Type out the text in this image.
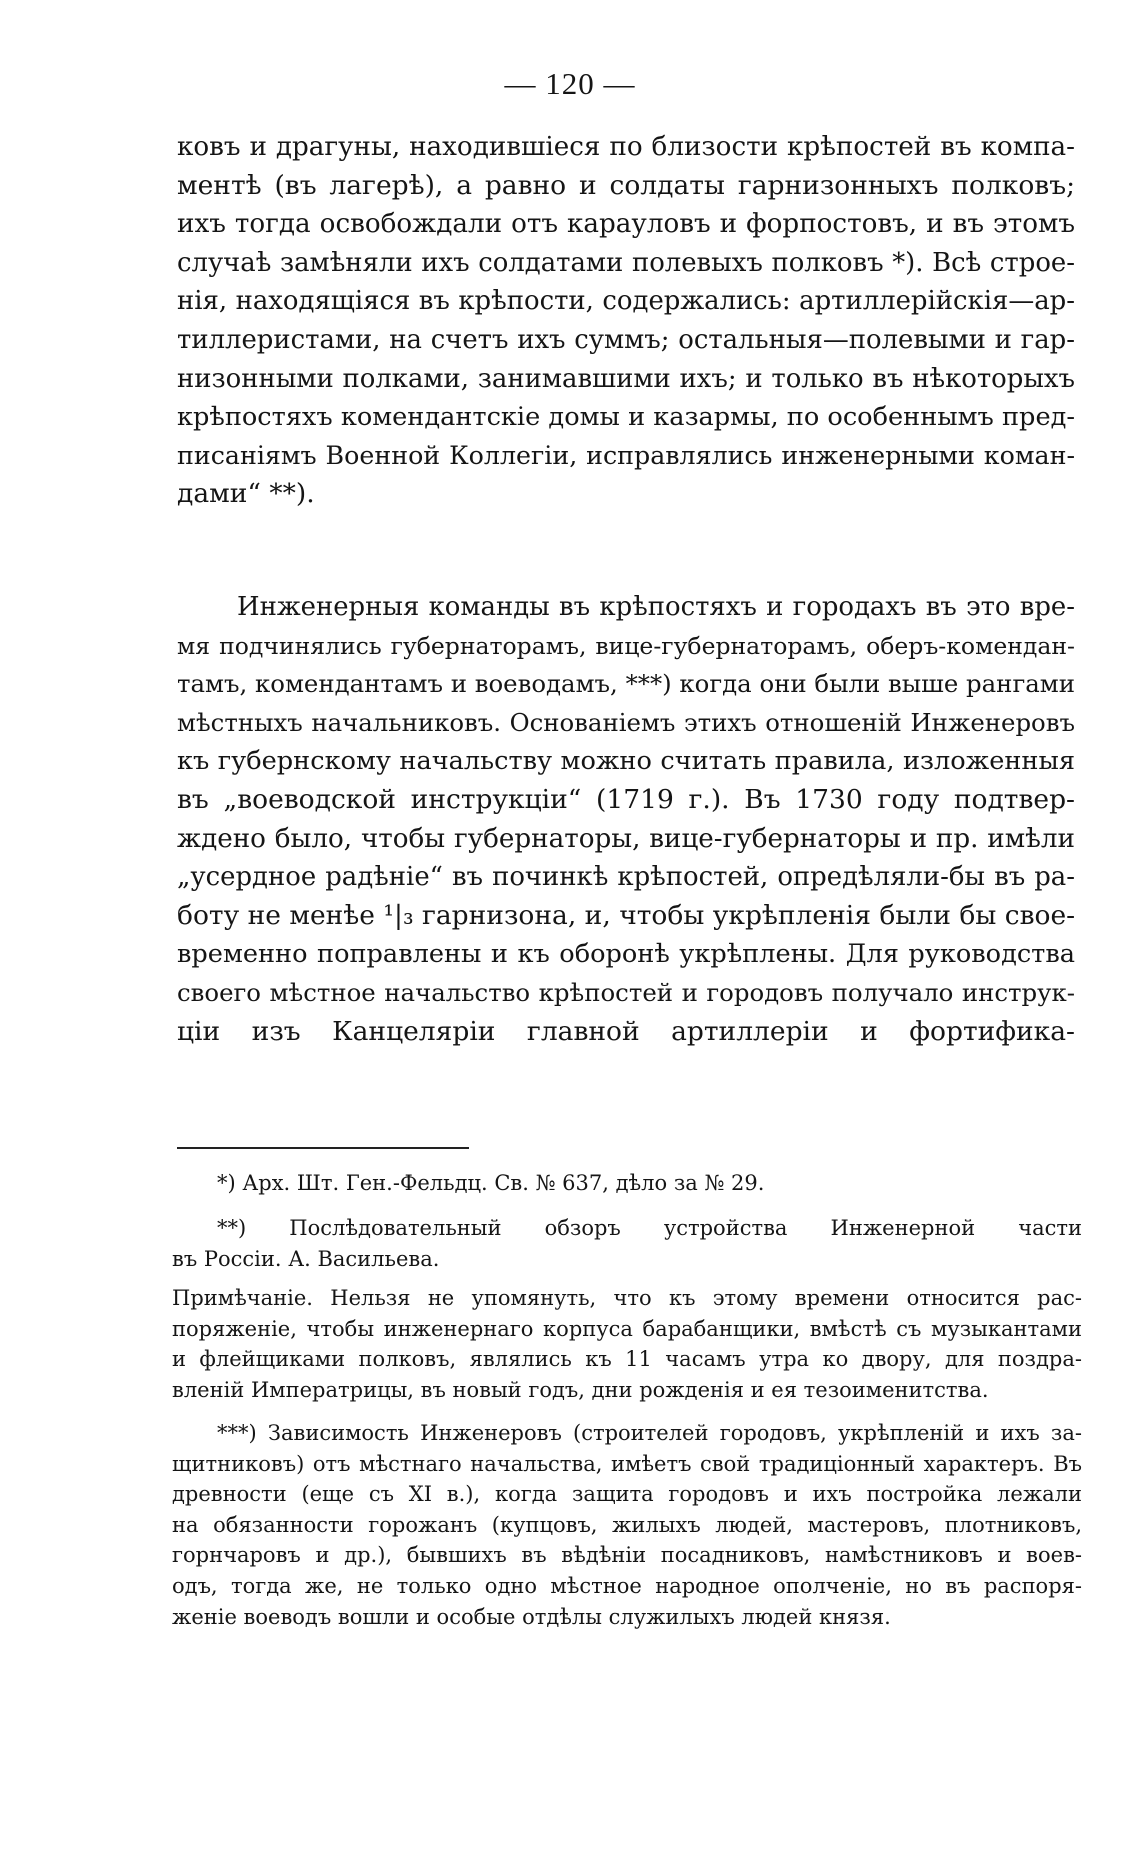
— 120 —
ковъ и драгуны, находившіеся по близости крѣпостей въ компа-
ментѣ (въ лагерѣ), а равно и солдаты гарнизонныхъ полковъ;
ихъ тогда освобождали отъ карауловъ и форпостовъ, и въ этомъ
случаѣ замѣняли ихъ солдатами полевыхъ полковъ *). Всѣ строе-
нія, находящіяся въ крѣпости, содержались: артиллерійскія—ар-
тиллеристами, на счетъ ихъ суммъ; остальныя—полевыми и гар-
низонными полками, занимавшими ихъ; и только въ нѣкоторыхъ
крѣпостяхъ комендантскіе домы и казармы, по особеннымъ пред-
писаніямъ Военной Коллегіи, исправлялись инженерными коман-
дами“ **).
Инженерныя команды въ крѣпостяхъ и городахъ въ это вре-
мя подчинялись губернаторамъ, вице-губернаторамъ, оберъ-комендан-
тамъ, комендантамъ и воеводамъ, ***) когда они были выше рангами
мѣстныхъ начальниковъ. Основаніемъ этихъ отношеній Инженеровъ
къ губернскому начальству можно считать правила, изложенныя
въ „воеводской инструкціи“ (1719 г.). Въ 1730 году подтвер-
ждено было, чтобы губернаторы, вице-губернаторы и пр. имѣли
„усердное радѣніе“ въ починкѣ крѣпостей, опредѣляли-бы въ ра-
боту не менѣе ¹|₃ гарнизона, и, чтобы укрѣпленія были бы свое-
временно поправлены и къ оборонѣ укрѣплены. Для руководства
своего мѣстное начальство крѣпостей и городовъ получало инструк-
ціи изъ Канцеляріи главной артиллеріи и фортифика-
*) Арх. Шт. Ген.-Фельдц. Св. № 637, дѣло за № 29.
**) Послѣдовательный обзоръ устройства Инженерной части
въ Россіи. А. Васильева.
Примѣчаніе. Нельзя не упомянуть, что къ этому времени относится рас-
поряженіе, чтобы инженернаго корпуса барабанщики, вмѣстѣ съ музыкантами
и флейщиками полковъ, являлись къ 11 часамъ утра ко двору, для поздра-
вленій Императрицы, въ новый годъ, дни рожденія и ея тезоименитства.
***) Зависимость Инженеровъ (строителей городовъ, укрѣпленій и ихъ за-
щитниковъ) отъ мѣстнаго начальства, имѣетъ свой традиціонный характеръ. Въ
древности (еще съ XI в.), когда защита городовъ и ихъ постройка лежали
на обязанности горожанъ (купцовъ, жилыхъ людей, мастеровъ, плотниковъ,
горнчаровъ и др.), бывшихъ въ вѣдѣніи посадниковъ, намѣстниковъ и воев-
одъ, тогда же, не только одно мѣстное народное ополченіе, но въ распоря-
женіе воеводъ вошли и особые отдѣлы служилыхъ людей князя.
